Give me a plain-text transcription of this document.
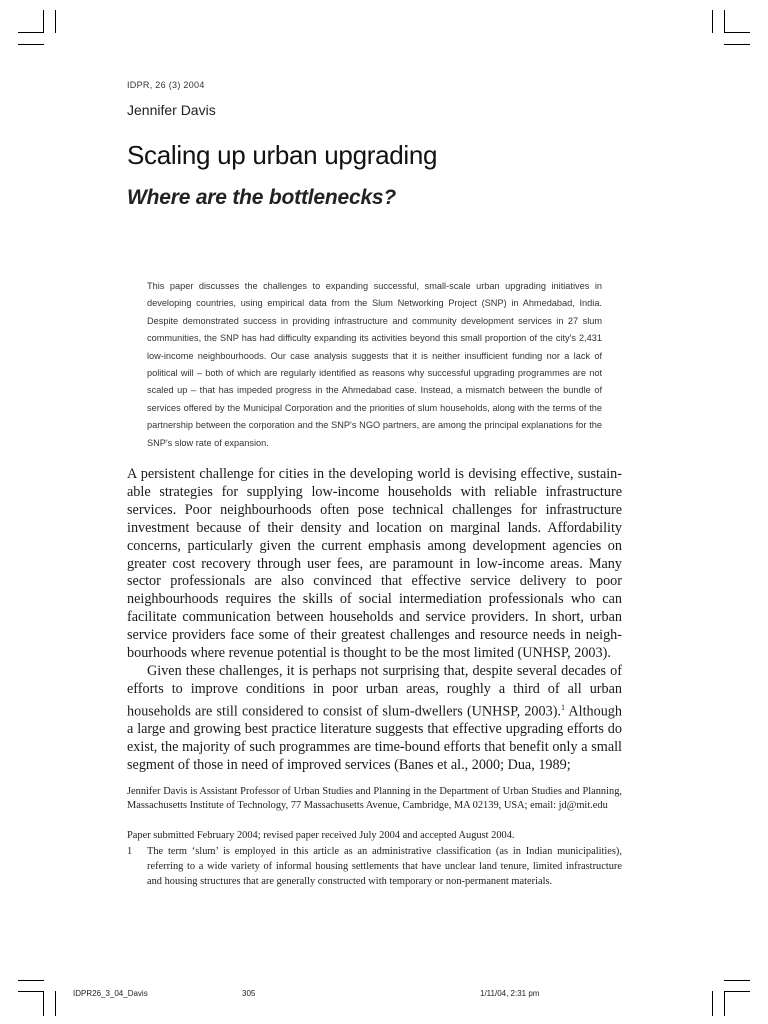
IDPR, 26 (3) 2004
Jennifer Davis
Scaling up urban upgrading
Where are the bottlenecks?

This paper discusses the challenges to expanding successful, small-scale urban upgrading initiatives in developing countries, using empirical data from the Slum Networking Project (SNP) in Ahmedabad, India. Despite demonstrated success in providing infrastructure and community development services in 27 slum communities, the SNP has had difficulty expanding its activities beyond this small proportion of the city's 2,431 low-income neighbourhoods. Our case analysis suggests that it is neither insufficient funding nor a lack of political will – both of which are regularly identified as reasons why successful upgrading programmes are not scaled up – that has impeded progress in the Ahmedabad case. Instead, a mismatch between the bundle of services offered by the Municipal Corporation and the priorities of slum households, along with the terms of the partnership between the corporation and the SNP's NGO partners, are among the principal explanations for the SNP's slow rate of expansion.

A persistent challenge for cities in the developing world is devising effective, sustain-able strategies for supplying low-income households with reliable infrastructure services. Poor neighbourhoods often pose technical challenges for infrastructure investment because of their density and location on marginal lands. Affordability concerns, particularly given the current emphasis among development agencies on greater cost recovery through user fees, are paramount in low-income areas. Many sector professionals are also convinced that effective service delivery to poor neighbourhoods requires the skills of social intermediation professionals who can facilitate communication between households and service providers. In short, urban service providers face some of their greatest challenges and resource needs in neigh-bourhoods where revenue potential is thought to be the most limited (UNHSP, 2003).

Given these challenges, it is perhaps not surprising that, despite several decades of efforts to improve conditions in poor urban areas, roughly a third of all urban households are still considered to consist of slum-dwellers (UNHSP, 2003).$^1$ Although a large and growing best practice literature suggests that effective upgrading efforts do exist, the majority of such programmes are time-bound efforts that benefit only a small segment of those in need of improved services (Banes et al., 2000; Dua, 1989;

Jennifer Davis is Assistant Professor of Urban Studies and Planning in the Department of Urban Studies and Planning, Massachusetts Institute of Technology, 77 Massachusetts Avenue, Cambridge, MA 02139, USA; email: jd@mit.edu

Paper submitted February 2004; revised paper received July 2004 and accepted August 2004.

1 The term ‘slum’ is employed in this article as an administrative classification (as in Indian municipalities), referring to a wide variety of informal housing settlements that have unclear land tenure, limited infrastructure and housing structures that are generally constructed with temporary or non-permanent materials.

IDPR26_3_04_Davis	305	1/11/04, 2:31 pm
